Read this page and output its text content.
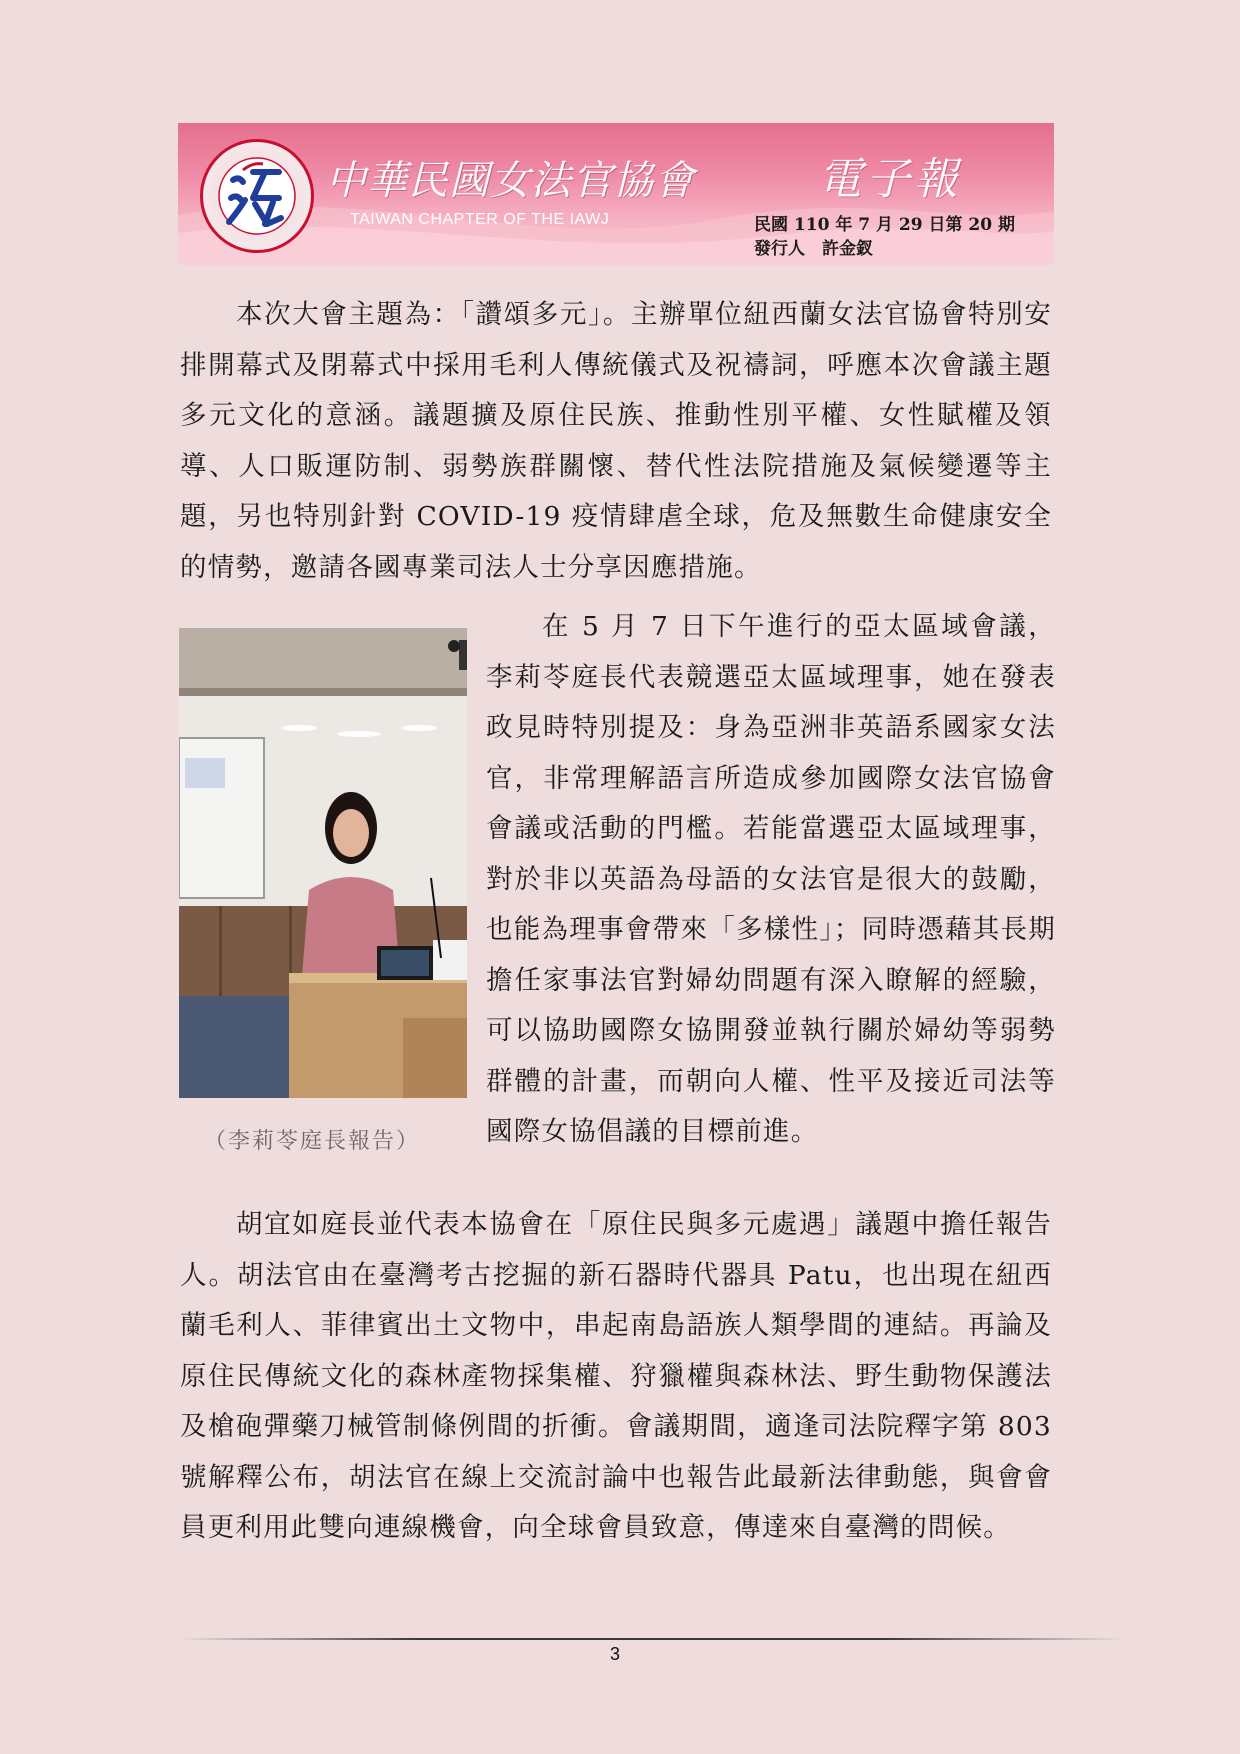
中華民國女法官協會
TAIWAN CHAPTER OF THE IAWJ
電子報
民國 110 年 7 月 29 日第 20 期
發行人　許金釵

本次大會主題為：「讚頌多元」。主辦單位紐西蘭女法官協會特別安排開幕式及閉幕式中採用毛利人傳統儀式及祝禱詞，呼應本次會議主題多元文化的意涵。議題擴及原住民族、推動性別平權、女性賦權及領導、人口販運防制、弱勢族群關懷、替代性法院措施及氣候變遷等主題，另也特別針對 COVID-19 疫情肆虐全球，危及無數生命健康安全的情勢，邀請各國專業司法人士分享因應措施。

（李莉苓庭長報告）

在 5 月 7 日下午進行的亞太區域會議，李莉苓庭長代表競選亞太區域理事，她在發表政見時特別提及：身為亞洲非英語系國家女法官，非常理解語言所造成參加國際女法官協會會議或活動的門檻。若能當選亞太區域理事，對於非以英語為母語的女法官是很大的鼓勵，也能為理事會帶來「多樣性」；同時憑藉其長期擔任家事法官對婦幼問題有深入瞭解的經驗，可以協助國際女協開發並執行關於婦幼等弱勢群體的計畫，而朝向人權、性平及接近司法等國際女協倡議的目標前進。

胡宜如庭長並代表本協會在「原住民與多元處遇」議題中擔任報告人。胡法官由在臺灣考古挖掘的新石器時代器具 Patu，也出現在紐西蘭毛利人、菲律賓出土文物中，串起南島語族人類學間的連結。再論及原住民傳統文化的森林產物採集權、狩獵權與森林法、野生動物保護法及槍砲彈藥刀械管制條例間的折衝。會議期間，適逢司法院釋字第 803 號解釋公布，胡法官在線上交流討論中也報告此最新法律動態，與會會員更利用此雙向連線機會，向全球會員致意，傳達來自臺灣的問候。

3
